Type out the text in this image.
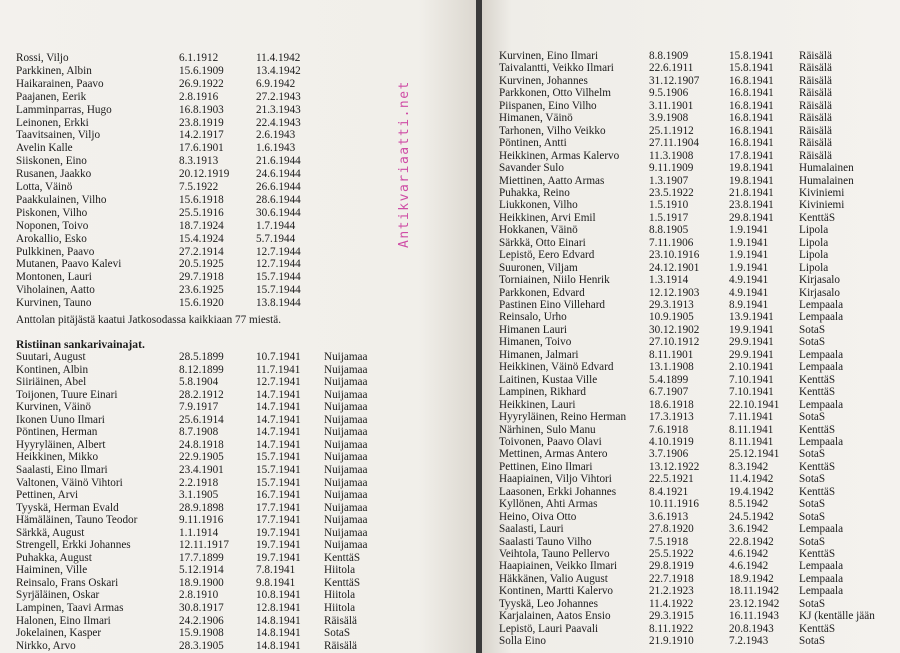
Rossi, Viljo	6.1.1912	11.4.1942
Parkkinen, Albin	15.6.1909	13.4.1942
Haikarainen, Paavo	26.9.1922	6.9.1942
Paajanen, Eerik	2.8.1916	27.2.1943
Lamminparras, Hugo	16.8.1903	21.3.1943
Leinonen, Erkki	23.8.1919	22.4.1943
Taavitsainen, Viljo	14.2.1917	2.6.1943
Avelin Kalle	17.6.1901	1.6.1943
Siiskonen, Eino	8.3.1913	21.6.1944
Rusanen, Jaakko	20.12.1919 24.6.1944
Lotta, Väinö	7.5.1922	26.6.1944
Paakkulainen, Vilho	15.6.1918	28.6.1944
Piskonen, Vilho	25.5.1916	30.6.1944
Noponen, Toivo	18.7.1924	1.7.1944
Arokallio, Esko	15.4.1924	5.7.1944
Pulkkinen, Paavo	27.2.1914	12.7.1944
Mutanen, Paavo Kalevi	20.5.1925	12.7.1944
Montonen, Lauri	29.7.1918	15.7.1944
Viholainen, Aatto	23.6.1925	15.7.1944
Kurvinen, Tauno	15.6.1920	13.8.1944
Anttolan pitäjästä kaatui Jatkosodassa kaikkiaan 77 miestä.
Ristiinan sankarivainajat.
Suutari, August	28.5.1899	10.7.1941 Nuijamaa
Kontinen, Albin	8.12.1899	11.7.1941 Nuijamaa
Siiriäinen, Abel	5.8.1904	12.7.1941 Nuijamaa
Toijonen, Tuure Einari	28.2.1912	14.7.1941 Nuijamaa
Kurvinen, Väinö	7.9.1917	14.7.1941 Nuijamaa
Ikonen Uuno Ilmari	25.6.1914	14.7.1941 Nuijamaa
Pöntinen, Herman	8.7.1908	14.7.1941 Nuijamaa
Hyyryläinen, Albert	24.8.1918	14.7.1941 Nuijamaa
Heikkinen, Mikko	22.9.1905	15.7.1941 Nuijamaa
Saalasti, Eino Ilmari	23.4.1901	15.7.1941 Nuijamaa
Valtonen, Väinö Vihtori	2.2.1918	15.7.1941 Nuijamaa
Pettinen, Arvi	3.1.1905	16.7.1941 Nuijamaa
Tyyskä, Herman Evald	28.9.1898	17.7.1941 Nuijamaa
Hämäläinen, Tauno Teodor	9.11.1916	17.7.1941 Nuijamaa
Särkkä, August	1.1.1914	19.7.1941 Nuijamaa
Strengell, Erkki Johannes	12.11.1917 19.7.1941 Nuijamaa
Puhakka, August	17.7.1899	19.7.1941 KenttäS
Haiminen, Ville	5.12.1914	7.8.1941	Hiitola
Reinsalo, Frans Oskari	18.9.1900	9.8.1941	KenttäS
Syrjäläinen, Oskar	2.8.1910	10.8.1941 Hiitola
Lampinen, Taavi Armas	30.8.1917	12.8.1941 Hiitola
Halonen, Eino Ilmari	24.2.1906	14.8.1941 Räisälä
Jokelainen, Kasper	15.9.1908	14.8.1941 SotaS
Nirkko, Arvo	28.3.1905	14.8.1941 Räisälä
Kurvinen, Eino Ilmari	8.8.1909	15.8.1941 Räisälä
Taivalantti, Veikko Ilmari	22.6.1911	15.8.1941 Räisälä
Kurvinen, Johannes	31.12.1907	16.8.1941 Räisälä
Parkkonen, Otto Vilhelm	9.5.1906	16.8.1941 Räisälä
Piispanen, Eino Vilho	3.11.1901	16.8.1941 Räisälä
Himanen, Väinö	3.9.1908	16.8.1941 Räisälä
Tarhonen, Vilho Veikko	25.1.1912	16.8.1941 Räisälä
Pöntinen, Antti	27.11.1904	16.8.1941 Räisälä
Heikkinen, Armas Kalervo	11.3.1908	17.8.1941 Räisälä
Savander Sulo	9.11.1909	19.8.1941 Humalainen
Miettinen, Aatto Armas	1.3.1907	19.8.1941 Humalainen
Puhakka, Reino	23.5.1922	21.8.1941 Kiviniemi
Liukkonen, Vilho	1.5.1910	23.8.1941 Kiviniemi
Heikkinen, Arvi Emil	1.5.1917	29.8.1941 KenttäS
Hokkanen, Väinö	8.8.1905	1.9.1941	Lipola
Särkkä, Otto Einari	7.11.1906	1.9.1941	Lipola
Lepistö, Eero Edvard	23.10.1916	1.9.1941	Lipola
Suuronen, Viljam	24.12.1901	1.9.1941	Lipola
Torniainen, Niilo Henrik	1.3.1914	4.9.1941	Kirjasalo
Parkkonen, Edvard	12.12.1903	4.9.1941	Kirjasalo
Pastinen Eino Villehard	29.3.1913	8.9.1941	Lempaala
Reinsalo, Urho	10.9.1905	13.9.1941 Lempaala
Himanen Lauri	30.12.1902	19.9.1941 SotaS
Himanen, Toivo	27.10.1912	29.9.1941 SotaS
Himanen, Jalmari	8.11.1901	29.9.1941 Lempaala
Heikkinen, Väinö Edvard	13.1.1908	2.10.1941 Lempaala
Laitinen, Kustaa Ville	5.4.1899	7.10.1941 KenttäS
Lampinen, Rikhard	6.7.1907	7.10.1941 KenttäS
Heikkinen, Lauri	18.6.1918	22.10.1941 Lempaala
Hyyryläinen, Reino Herman 17.3.1913	7.11.1941 SotaS
Närhinen, Sulo Manu	7.6.1918	8.11.1941 KenttäS
Toivonen, Paavo Olavi	4.10.1919	8.11.1941 Lempaala
Mettinen, Armas Antero	3.7.1906	25.12.1941 SotaS
Pettinen, Eino Ilmari	13.12.1922	8.3.1942	KenttäS
Haapiainen, Viljo Vihtori	22.5.1921	11.4.1942 SotaS
Laasonen, Erkki Johannes	8.4.1921	19.4.1942 KenttäS
Kyllönen, Ahti Armas	10.11.1916	8.5.1942	SotaS
Heino, Oiva Otto	3.6.1913	24.5.1942 SotaS
Saalasti, Lauri	27.8.1920	3.6.1942	Lempaala
Saalasti Tauno Vilho	7.5.1918	22.8.1942 SotaS
Veihtola, Tauno Pellervo	25.5.1922	4.6.1942	KenttäS
Haapiainen, Veikko Ilmari	29.8.1919	4.6.1942	Lempaala
Häkkänen, Valio August	22.7.1918	18.9.1942 Lempaala
Kontinen, Martti Kalervo	21.2.1923	18.11.1942 Lempaala
Tyyskä, Leo Johannes	11.4.1922	23.12.1942 SotaS
Karjalainen, Aatos Ensio	29.3.1915	16.11.1943 KJ (kentälle jään
Lepistö, Lauri Paavali	8.11.1922	20.8.1943 KenttäS
Solla Eino	21.9.1910	7.2.1943	SotaS
Antikvariaatti.net
